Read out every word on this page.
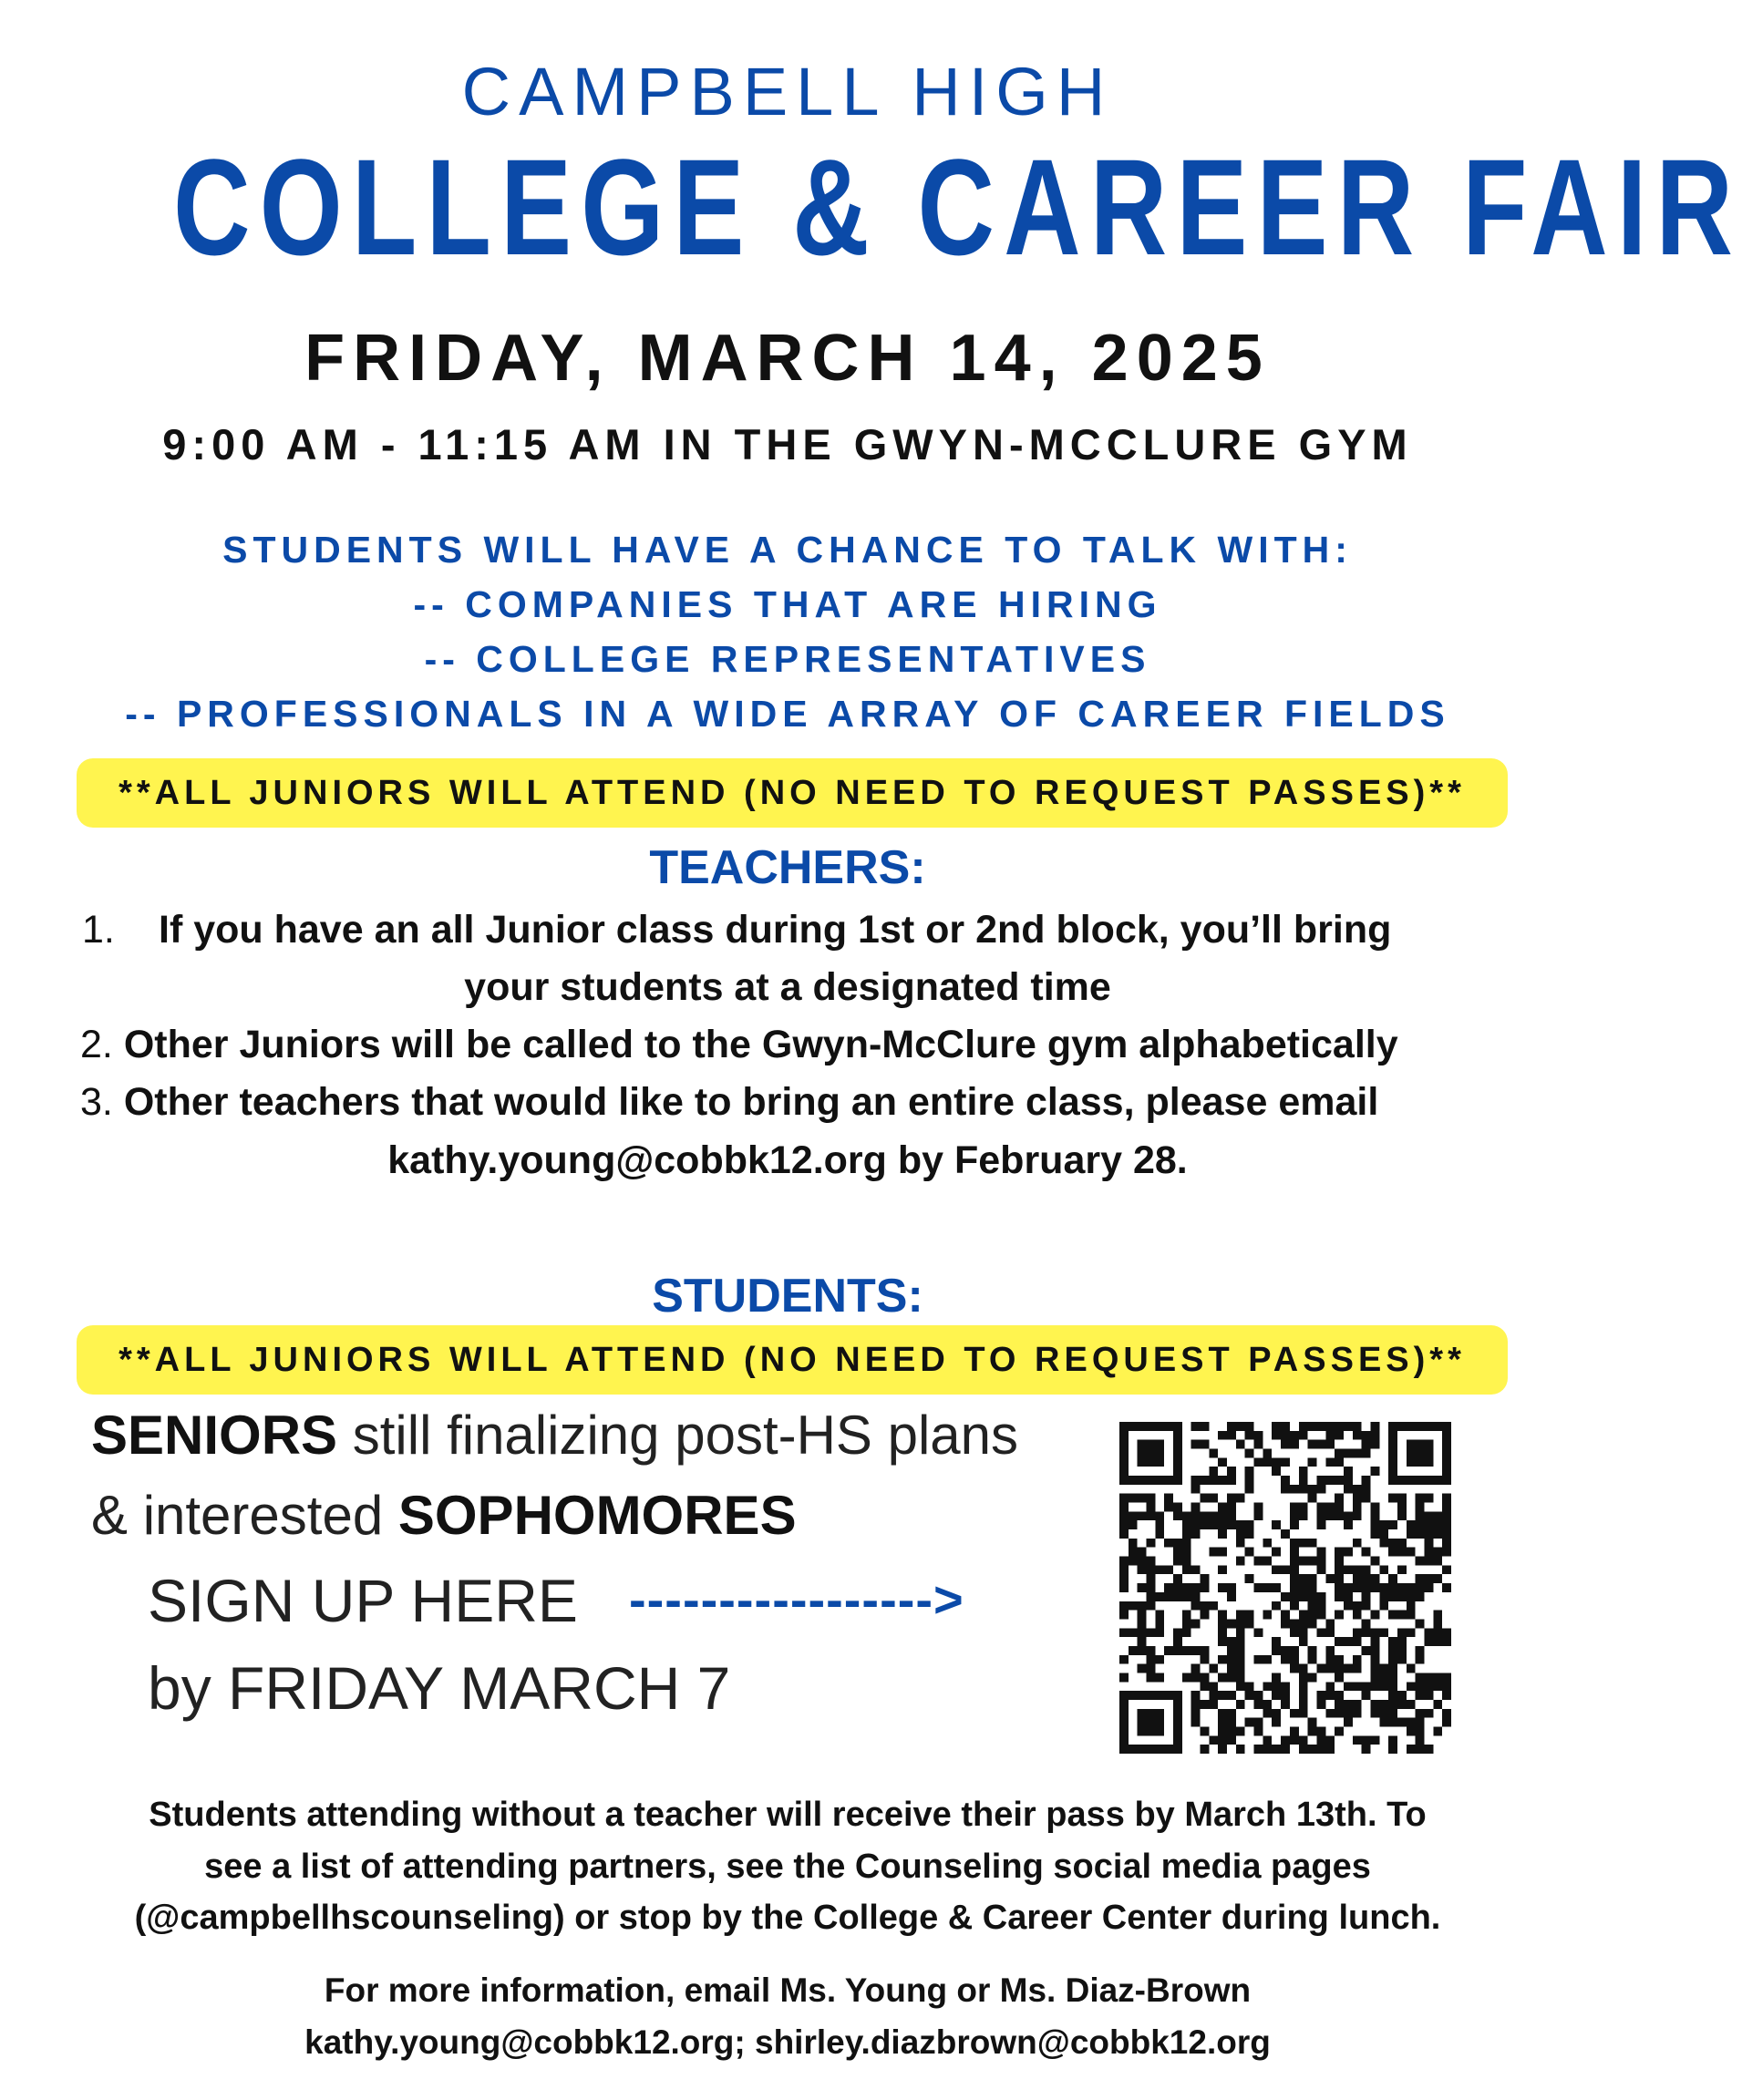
CAMPBELL HIGH
COLLEGE & CAREER FAIR
FRIDAY, MARCH 14, 2025
9:00 AM - 11:15 AM IN THE GWYN-MCCLURE GYM
STUDENTS WILL HAVE A CHANCE TO TALK WITH:
-- COMPANIES THAT ARE HIRING
-- COLLEGE REPRESENTATIVES
-- PROFESSIONALS IN A WIDE ARRAY OF CAREER FIELDS
**ALL JUNIORS WILL ATTEND (NO NEED TO REQUEST PASSES)**
TEACHERS:
1. If you have an all Junior class during 1st or 2nd block, you’ll bring
your students at a designated time
2. Other Juniors will be called to the Gwyn-McClure gym alphabetically
3. Other teachers that would like to bring an entire class, please email
kathy.young@cobbk12.org by February 28.
STUDENTS:
**ALL JUNIORS WILL ATTEND (NO NEED TO REQUEST PASSES)**
SENIORS still finalizing post-HS plans
& interested SOPHOMORES
SIGN UP HERE ----------------->
by FRIDAY MARCH 7
Students attending without a teacher will receive their pass by March 13th. To
see a list of attending partners, see the Counseling social media pages
(@campbellhscounseling) or stop by the College & Career Center during lunch.
For more information, email Ms. Young or Ms. Diaz-Brown
kathy.young@cobbk12.org; shirley.diazbrown@cobbk12.org
